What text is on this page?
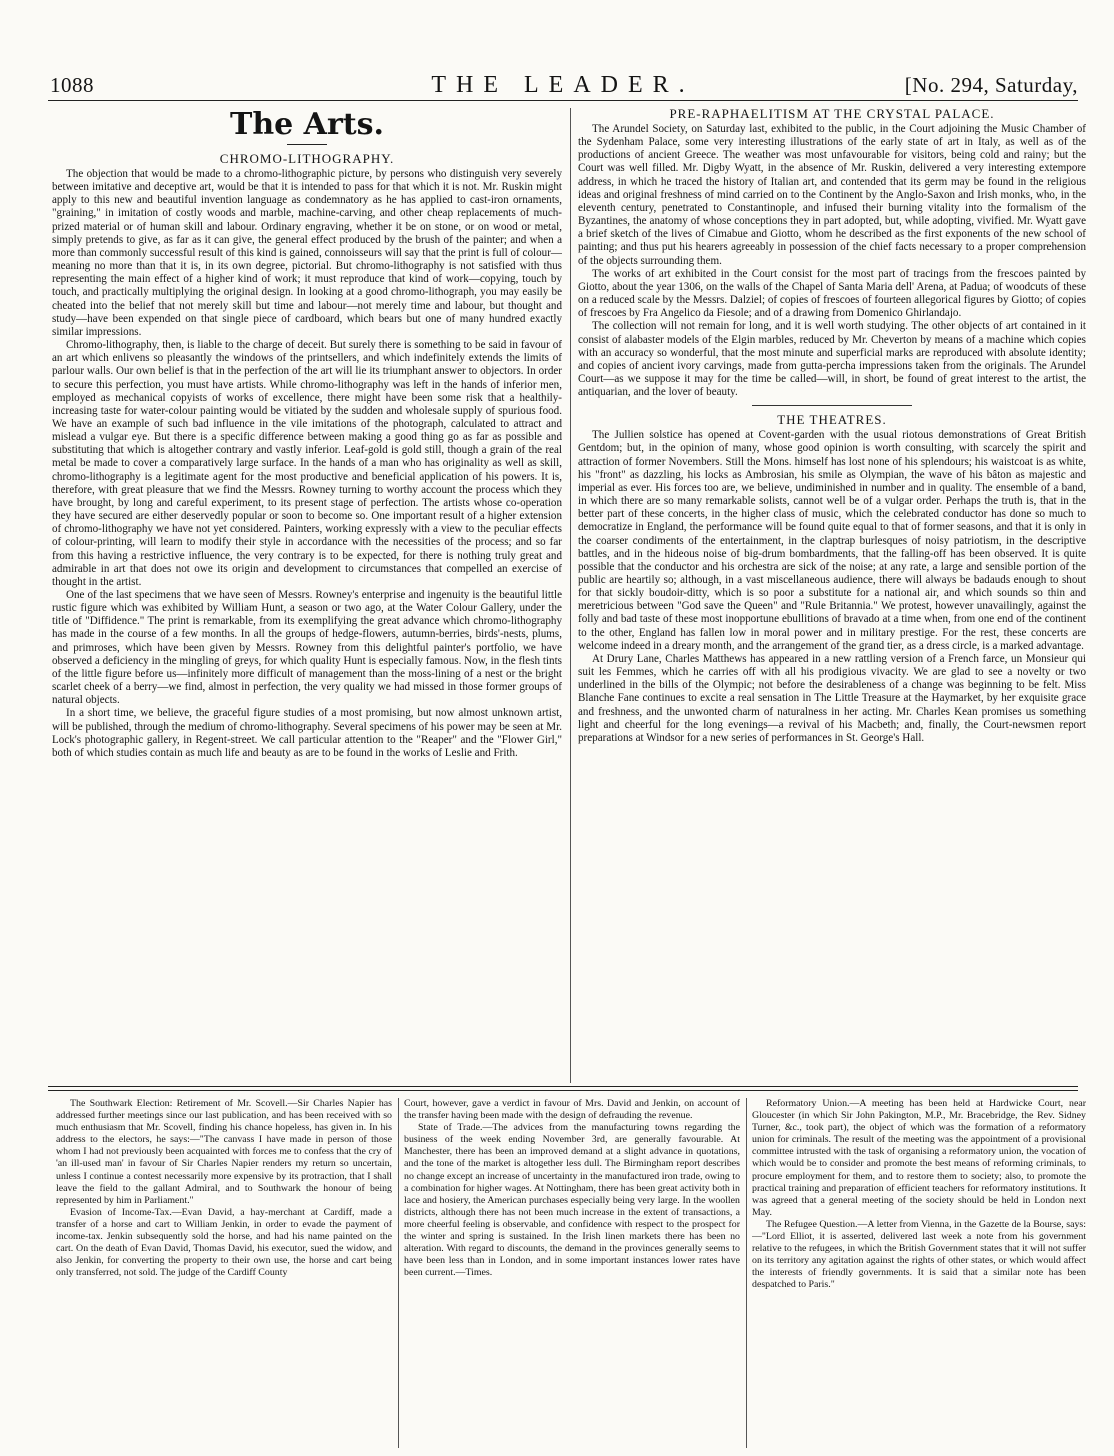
1088	THE LEADER.	[No. 294, Saturday,
The Arts.
CHROMO-LITHOGRAPHY.

The objection that would be made to a chromo-lithographic picture, by persons who distinguish very severely between imitative and deceptive art, would be that it is intended to pass for that which it is not. Mr. Ruskin might apply to this new and beautiful invention language as condemnatory as he has applied to cast-iron ornaments, "graining," in imitation of costly woods and marble, machine-carving, and other cheap replacements of much-prized material or of human skill and labour. Ordinary engraving, whether it be on stone, or on wood or metal, simply pretends to give, as far as it can give, the general effect produced by the brush of the painter; and when a more than commonly successful result of this kind is gained, connoisseurs will say that the print is full of colour—meaning no more than that it is, in its own degree, pictorial. But chromo-lithography is not satisfied with thus representing the main effect of a higher kind of work; it must reproduce that kind of work—copying, touch by touch, and practically multiplying the original design. In looking at a good chromo-lithograph, you may easily be cheated into the belief that not merely skill but time and labour—not merely time and labour, but thought and study—have been expended on that single piece of cardboard, which bears but one of many hundred exactly similar impressions.

Chromo-lithography, then, is liable to the charge of deceit. But surely there is something to be said in favour of an art which enlivens so pleasantly the windows of the printsellers, and which indefinitely extends the limits of parlour walls. Our own belief is that in the perfection of the art will lie its triumphant answer to objectors. In order to secure this perfection, you must have artists. While chromo-lithography was left in the hands of inferior men, employed as mechanical copyists of works of excellence, there might have been some risk that a healthily-increasing taste for water-colour painting would be vitiated by the sudden and wholesale supply of spurious food. We have an example of such bad influence in the vile imitations of the photograph, calculated to attract and mislead a vulgar eye. But there is a specific difference between making a good thing go as far as possible and substituting that which is altogether contrary and vastly inferior. Leaf-gold is gold still, though a grain of the real metal be made to cover a comparatively large surface. In the hands of a man who has originality as well as skill, chromo-lithography is a legitimate agent for the most productive and beneficial application of his powers. It is, therefore, with great pleasure that we find the Messrs. Rowney turning to worthy account the process which they have brought, by long and careful experiment, to its present stage of perfection. The artists whose co-operation they have secured are either deservedly popular or soon to become so. One important result of a higher extension of chromo-lithography we have not yet considered. Painters, working expressly with a view to the peculiar effects of colour-printing, will learn to modify their style in accordance with the necessities of the process; and so far from this having a restrictive influence, the very contrary is to be expected, for there is nothing truly great and admirable in art that does not owe its origin and development to circumstances that compelled an exercise of thought in the artist.

One of the last specimens that we have seen of Messrs. Rowney's enterprise and ingenuity is the beautiful little rustic figure which was exhibited by William Hunt, a season or two ago, at the Water Colour Gallery, under the title of "Diffidence." The print is remarkable, from its exemplifying the great advance which chromo-lithography has made in the course of a few months. In all the groups of hedge-flowers, autumn-berries, birds'-nests, plums, and primroses, which have been given by Messrs. Rowney from this delightful painter's portfolio, we have observed a deficiency in the mingling of greys, for which quality Hunt is especially famous. Now, in the flesh tints of the little figure before us—infinitely more difficult of management than the moss-lining of a nest or the bright scarlet cheek of a berry—we find, almost in perfection, the very quality we had missed in those former groups of natural objects.

In a short time, we believe, the graceful figure studies of a most promising, but now almost unknown artist, will be published, through the medium of chromo-lithography. Several specimens of his power may be seen at Mr. Lock's photographic gallery, in Regent-street. We call particular attention to the "Reaper" and the "Flower Girl," both of which studies contain as much life and beauty as are to be found in the works of Leslie and Frith.

PRE-RAPHAELITISM AT THE CRYSTAL PALACE.

The Arundel Society, on Saturday last, exhibited to the public, in the Court adjoining the Music Chamber of the Sydenham Palace, some very interesting illustrations of the early state of art in Italy, as well as of the productions of ancient Greece. The weather was most unfavourable for visitors, being cold and rainy; but the Court was well filled. Mr. Digby Wyatt, in the absence of Mr. Ruskin, delivered a very interesting extempore address, in which he traced the history of Italian art, and contended that its germ may be found in the religious ideas and original freshness of mind carried on to the Continent by the Anglo-Saxon and Irish monks, who, in the eleventh century, penetrated to Constantinople, and infused their burning vitality into the formalism of the Byzantines, the anatomy of whose conceptions they in part adopted, but, while adopting, vivified. Mr. Wyatt gave a brief sketch of the lives of Cimabue and Giotto, whom he described as the first exponents of the new school of painting; and thus put his hearers agreeably in possession of the chief facts necessary to a proper comprehension of the objects surrounding them.

The works of art exhibited in the Court consist for the most part of tracings from the frescoes painted by Giotto, about the year 1306, on the walls of the Chapel of Santa Maria dell' Arena, at Padua; of woodcuts of these on a reduced scale by the Messrs. Dalziel; of copies of frescoes of fourteen allegorical figures by Giotto; of copies of frescoes by Fra Angelico da Fiesole; and of a drawing from Domenico Ghirlandajo.

The collection will not remain for long, and it is well worth studying. The other objects of art contained in it consist of alabaster models of the Elgin marbles, reduced by Mr. Cheverton by means of a machine which copies with an accuracy so wonderful, that the most minute and superficial marks are reproduced with absolute identity; and copies of ancient ivory carvings, made from gutta-percha impressions taken from the originals. The Arundel Court—as we suppose it may for the time be called—will, in short, be found of great interest to the artist, the antiquarian, and the lover of beauty.

THE THEATRES.

The Jullien solstice has opened at Covent-garden with the usual riotous demonstrations of Great British Gentdom; but, in the opinion of many, whose good opinion is worth consulting, with scarcely the spirit and attraction of former Novembers. Still the Mons. himself has lost none of his splendours; his waistcoat is as white, his "front" as dazzling, his locks as Ambrosian, his smile as Olympian, the wave of his bâton as majestic and imperial as ever. His forces too are, we believe, undiminished in number and in quality. The ensemble of a band, in which there are so many remarkable solists, cannot well be of a vulgar order. Perhaps the truth is, that in the better part of these concerts, in the higher class of music, which the celebrated conductor has done so much to democratize in England, the performance will be found quite equal to that of former seasons, and that it is only in the coarser condiments of the entertainment, in the claptrap burlesques of noisy patriotism, in the descriptive battles, and in the hideous noise of big-drum bombardments, that the falling-off has been observed. It is quite possible that the conductor and his orchestra are sick of the noise; at any rate, a large and sensible portion of the public are heartily so; although, in a vast miscellaneous audience, there will always be badauds enough to shout for that sickly boudoir-ditty, which is so poor a substitute for a national air, and which sounds so thin and meretricious between "God save the Queen" and "Rule Britannia." We protest, however unavailingly, against the folly and bad taste of these most inopportune ebullitions of bravado at a time when, from one end of the continent to the other, England has fallen low in moral power and in military prestige. For the rest, these concerts are welcome indeed in a dreary month, and the arrangement of the grand tier, as a dress circle, is a marked advantage.

At Drury Lane, Charles Matthews has appeared in a new rattling version of a French farce, un Monsieur qui suit les Femmes, which he carries off with all his prodigious vivacity. We are glad to see a novelty or two underlined in the bills of the Olympic; not before the desirableness of a change was beginning to be felt. Miss Blanche Fane continues to excite a real sensation in The Little Treasure at the Haymarket, by her exquisite grace and freshness, and the unwonted charm of naturalness in her acting. Mr. Charles Kean promises us something light and cheerful for the long evenings—a revival of his Macbeth; and, finally, the Court-newsmen report preparations at Windsor for a new series of performances in St. George's Hall.

The Southwark Election: Retirement of Mr. Scovell.—Sir Charles Napier has addressed further meetings since our last publication, and has been received with so much enthusiasm that Mr. Scovell, finding his chance hopeless, has given in. In his address to the electors, he says:—"The canvass I have made in person of those whom I had not previously been acquainted with forces me to confess that the cry of 'an ill-used man' in favour of Sir Charles Napier renders my return so uncertain, unless I continue a contest necessarily more expensive by its protraction, that I shall leave the field to the gallant Admiral, and to Southwark the honour of being represented by him in Parliament."

Evasion of Income-Tax.—Evan David, a hay-merchant at Cardiff, made a transfer of a horse and cart to William Jenkin, in order to evade the payment of income-tax. Jenkin subsequently sold the horse, and had his name painted on the cart. On the death of Evan David, Thomas David, his executor, sued the widow, and also Jenkin, for converting the property to their own use, the horse and cart being only transferred, not sold. The judge of the Cardiff County

Court, however, gave a verdict in favour of Mrs. David and Jenkin, on account of the transfer having been made with the design of defrauding the revenue.

State of Trade.—The advices from the manufacturing towns regarding the business of the week ending November 3rd, are generally favourable. At Manchester, there has been an improved demand at a slight advance in quotations, and the tone of the market is altogether less dull. The Birmingham report describes no change except an increase of uncertainty in the manufactured iron trade, owing to a combination for higher wages. At Nottingham, there has been great activity both in lace and hosiery, the American purchases especially being very large. In the woollen districts, although there has not been much increase in the extent of transactions, a more cheerful feeling is observable, and confidence with respect to the prospect for the winter and spring is sustained. In the Irish linen markets there has been no alteration. With regard to discounts, the demand in the provinces generally seems to have been less than in London, and in some important instances lower rates have been current.—Times.

Reformatory Union.—A meeting has been held at Hardwicke Court, near Gloucester (in which Sir John Pakington, M.P., Mr. Bracebridge, the Rev. Sidney Turner, &c., took part), the object of which was the formation of a reformatory union for criminals. The result of the meeting was the appointment of a provisional committee intrusted with the task of organising a reformatory union, the vocation of which would be to consider and promote the best means of reforming criminals, to procure employment for them, and to restore them to society; also, to promote the practical training and preparation of efficient teachers for reformatory institutions. It was agreed that a general meeting of the society should be held in London next May.

The Refugee Question.—A letter from Vienna, in the Gazette de la Bourse, says:—"Lord Elliot, it is asserted, delivered last week a note from his government relative to the refugees, in which the British Government states that it will not suffer on its territory any agitation against the rights of other states, or which would affect the interests of friendly governments. It is said that a similar note has been despatched to Paris."
